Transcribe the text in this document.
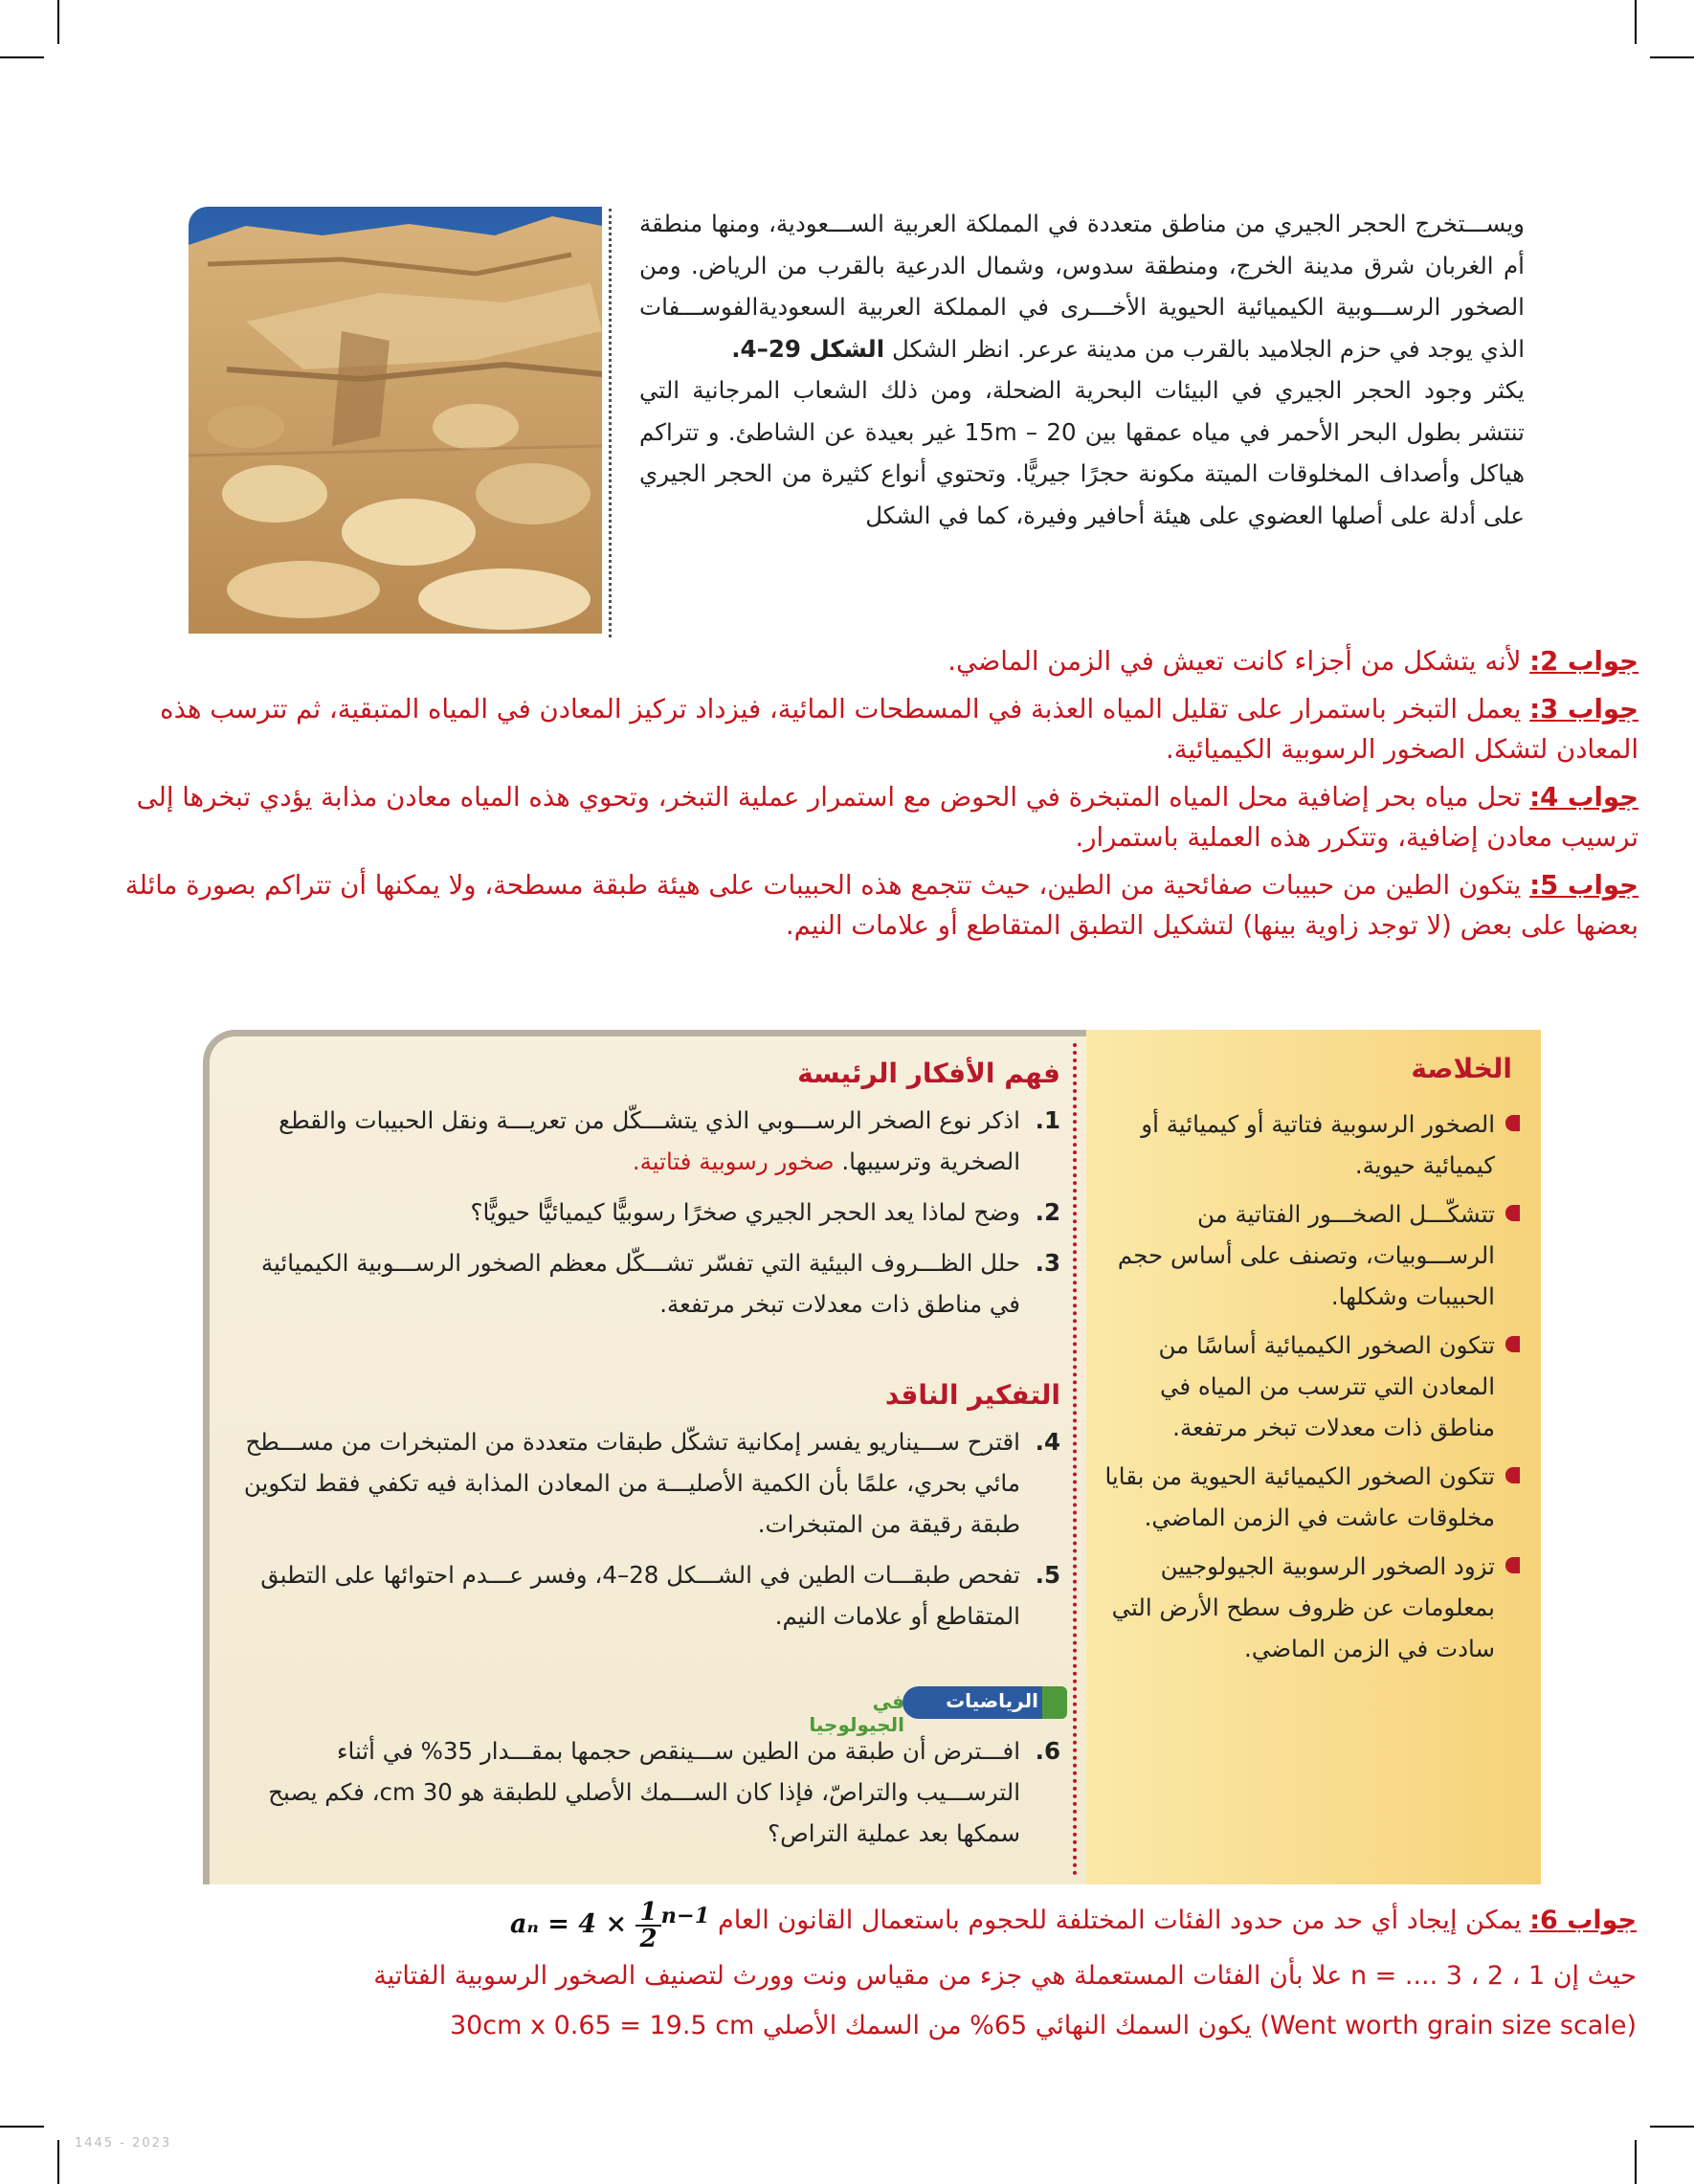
ويســـتخرج الحجر الجيري من مناطق متعددة في المملكة العربية الســـعودية، ومنها منطقة أم الغربان شرق مدينة الخرج، ومنطقة سدوس، وشمال الدرعية بالقرب من الرياض. ومن الصخور الرســـوبية الكيميائية الحيوية الأخـــرى في المملكة العربية السعوديةالفوســـفات الذي يوجد في حزم الجلاميد بالقرب من مدينة عرعر. انظر الشكل الشكل 29–4.

يكثر وجود الحجر الجيري في البيئات البحرية الضحلة، ومن ذلك الشعاب المرجانية التي تنتشر بطول البحر الأحمر في مياه عمقها بين 15m – 20 غير بعيدة عن الشاطئ. و تتراكم هياكل وأصداف المخلوقات الميتة مكونة حجرًا جيريًّا. وتحتوي أنواع كثيرة من الحجر الجيري على أدلة على أصلها العضوي على هيئة أحافير وفيرة، كما في الشكل

جواب 2: لأنه يتشكل من أجزاء كانت تعيش في الزمن الماضي.

جواب 3: يعمل التبخر باستمرار على تقليل المياه العذبة في المسطحات المائية، فيزداد تركيز المعادن في المياه المتبقية، ثم تترسب هذه المعادن لتشكل الصخور الرسوبية الكيميائية.

جواب 4: تحل مياه بحر إضافية محل المياه المتبخرة في الحوض مع استمرار عملية التبخر، وتحوي هذه المياه معادن مذابة يؤدي تبخرها إلى ترسيب معادن إضافية، وتتكرر هذه العملية باستمرار.

جواب 5: يتكون الطين من حبيبات صفائحية من الطين، حيث تتجمع هذه الحبيبات على هيئة طبقة مسطحة، ولا يمكنها أن تتراكم بصورة مائلة بعضها على بعض (لا توجد زاوية بينها) لتشكيل التطبق المتقاطع أو علامات النيم.

الخلاصة
الصخور الرسوبية فتاتية أو كيميائية أو كيميائية حيوية.
تتشكّـــل الصخـــور الفتاتية من الرســـوبيات، وتصنف على أساس حجم الحبيبات وشكلها.
تتكون الصخور الكيميائية أساسًا من المعادن التي تترسب من المياه في مناطق ذات معدلات تبخر مرتفعة.
تتكون الصخور الكيميائية الحيوية من بقايا مخلوقات عاشت في الزمن الماضي.
تزود الصخور الرسوبية الجيولوجيين بمعلومات عن ظروف سطح الأرض التي سادت في الزمن الماضي.
فهم الأفكار الرئيسة
1.
اذكر نوع الصخر الرســـوبي الذي يتشـــكّل من تعريـــة ونقل الحبيبات والقطع الصخرية وترسيبها. صخور رسوبية فتاتية.
2.
وضح لماذا يعد الحجر الجيري صخرًا رسوبيًّا كيميائيًّا حيويًّا؟
3.
حلل الظـــروف البيئية التي تفسّر تشـــكّل معظم الصخور الرســـوبية الكيميائية في مناطق ذات معدلات تبخر مرتفعة.
التفكير الناقد
4.
اقترح ســـيناريو يفسر إمكانية تشكّل طبقات متعددة من المتبخرات من مســـطح مائي بحري، علمًا بأن الكمية الأصليـــة من المعادن المذابة فيه تكفي فقط لتكوين طبقة رقيقة من المتبخرات.
5.
تفحص طبقـــات الطين في الشـــكل 28–4، وفسر عـــدم احتوائها على التطبق المتقاطع أو علامات النيم.
الرياضيات
في الجيولوجيا
6.
افـــترض أن طبقة من الطين ســـينقص حجمها بمقـــدار 35% في أثناء الترســـيب والتراصّ، فإذا كان الســـمك الأصلي للطبقة هو 30 cm، فكم يصبح سمكها بعد عملية التراص؟

جواب 6: يمكن إيجاد أي حد من حدود الفئات المختلفة للحجوم باستعمال القانون العام $a_n = 4 \times \frac{1}{2} ^{n-1}$

حيث إن 1 ، 2 ، 3 .... = n علا بأن الفئات المستعملة هي جزء من مقياس ونت وورث لتصنيف الصخور الرسوبية الفتاتية

(Went worth grain size scale) يكون السمك النهائي 65% من السمك الأصلي 30cm x 0.65 = 19.5 cm

2023 - 1445
